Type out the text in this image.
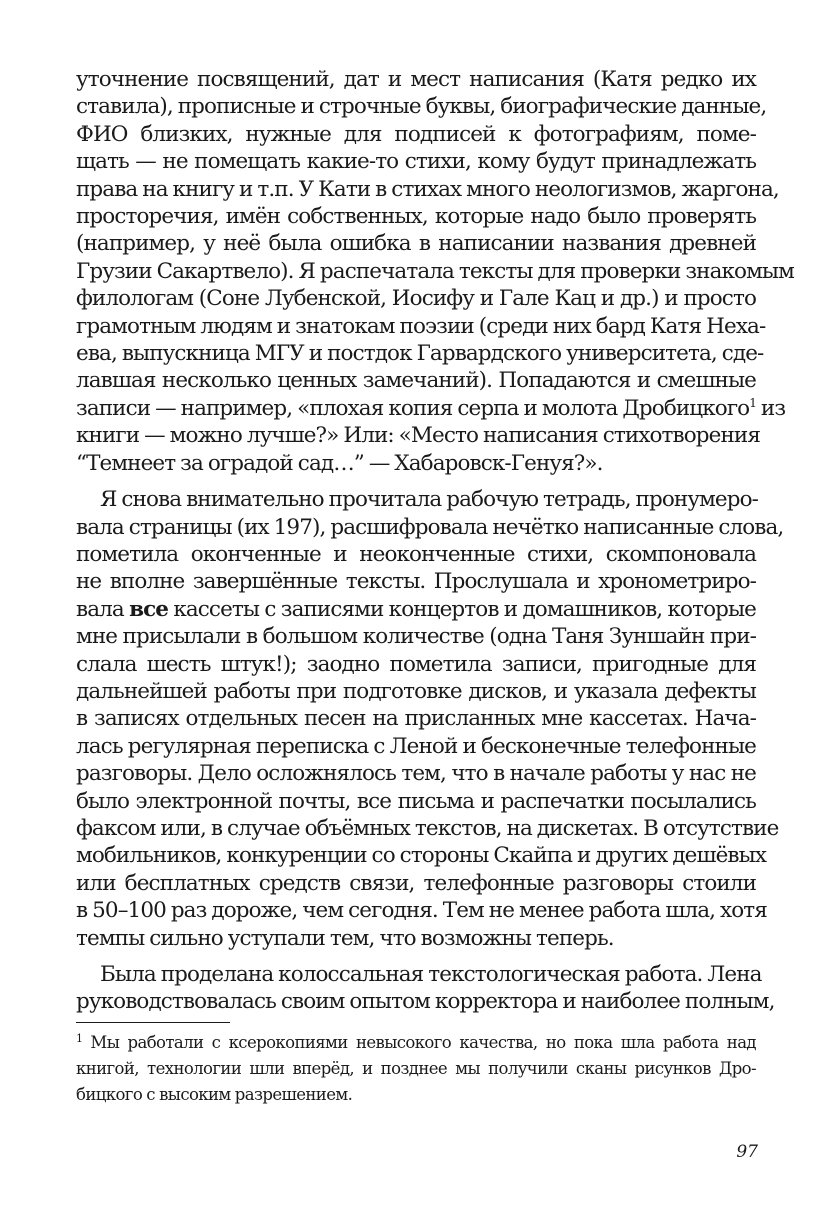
уточнение посвящений, дат и мест написания (Катя редко их
ставила), прописные и строчные буквы, биографические данные,
ФИО близких, нужные для подписей к фотографиям, поме-
щать — не помещать какие-то стихи, кому будут принадлежать
права на книгу и т.п. У Кати в стихах много неологизмов, жаргона,
просторечия, имён собственных, которые надо было проверять
(например, у неё была ошибка в написании названия древней
Грузии Сакартвело). Я распечатала тексты для проверки знакомым
филологам (Соне Лубенской, Иосифу и Гале Кац и др.) и просто
грамотным людям и знатокам поэзии (среди них бард Катя Неха-
ева, выпускница МГУ и постдок Гарвардского университета, сде-
лавшая несколько ценных замечаний). Попадаются и смешные
записи — например, «плохая копия серпа и молота Дробицкого$^1$ из
книги — можно лучше?» Или: «Место написания стихотворения
“Темнеет за оградой сад…” — Хабаровск-Генуя?».
Я снова внимательно прочитала рабочую тетрадь, пронумеро-
вала страницы (их 197), расшифровала нечётко написанные слова,
пометила оконченные и неоконченные стихи, скомпоновала
не вполне завершённые тексты. Прослушала и хронометриро-
вала все кассеты с записями концертов и домашников, которые
мне присылали в большом количестве (одна Таня Зуншайн при-
слала шесть штук!); заодно пометила записи, пригодные для
дальнейшей работы при подготовке дисков, и указала дефекты
в записях отдельных песен на присланных мне кассетах. Нача-
лась регулярная переписка с Леной и бесконечные телефонные
разговоры. Дело осложнялось тем, что в начале работы у нас не
было электронной почты, все письма и распечатки посылались
факсом или, в случае объёмных текстов, на дискетах. В отсутствие
мобильников, конкуренции со стороны Скайпа и других дешёвых
или бесплатных средств связи, телефонные разговоры стоили
в 50–100 раз дороже, чем сегодня. Тем не менее работа шла, хотя
темпы сильно уступали тем, что возможны теперь.
Была проделана колоссальная текстологическая работа. Лена
руководствовалась своим опытом корректора и наиболее полным,
$^1$ Мы работали с ксерокопиями невысокого качества, но пока шла работа над
книгой, технологии шли вперёд, и позднее мы получили сканы рисунков Дро-
бицкого с высоким разрешением.
97
